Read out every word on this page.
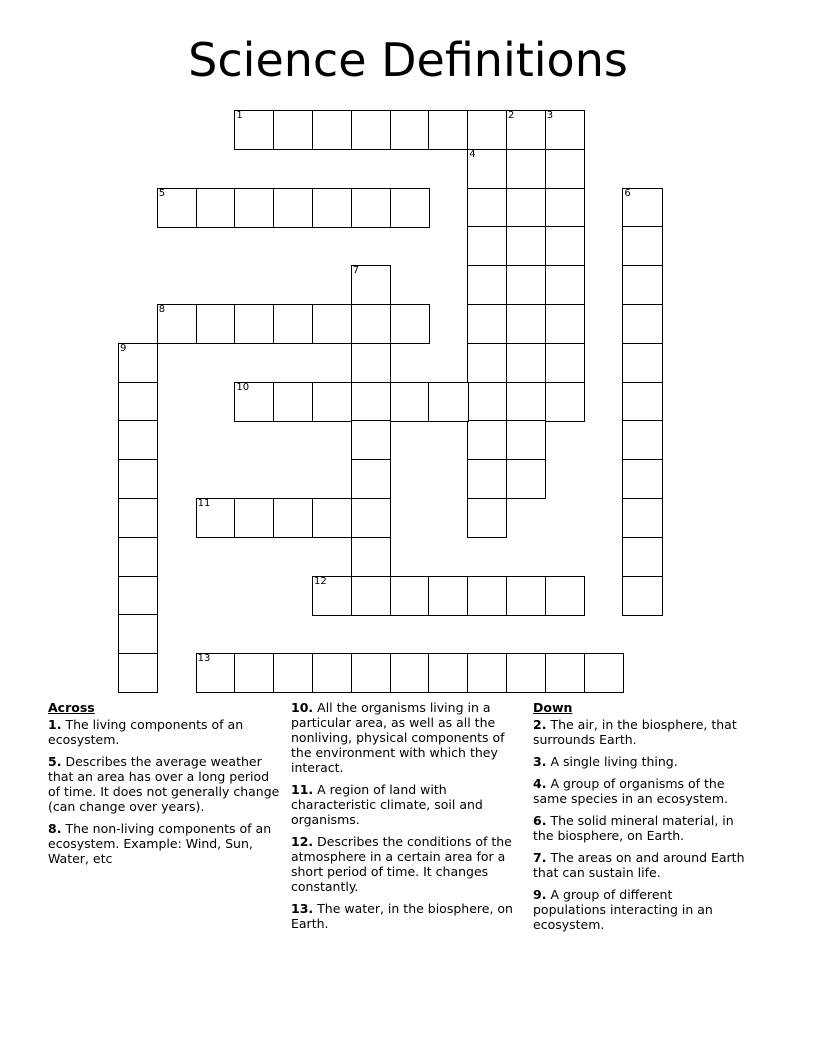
Science Definitions
1	2	3
4
5	6
7
8
9
10
11
12
13
Across
1. The living components of an ecosystem.
5. Describes the average weather that an area has over a long period of time. It does not generally change (can change over years).
8. The non-living components of an ecosystem. Example: Wind, Sun, Water, etc
10. All the organisms living in a particular area, as well as all the nonliving, physical components of the environment with which they interact.
11. A region of land with characteristic climate, soil and organisms.
12. Describes the conditions of the atmosphere in a certain area for a short period of time. It changes constantly.
13. The water, in the biosphere, on Earth.
Down
2. The air, in the biosphere, that surrounds Earth.
3. A single living thing.
4. A group of organisms of the same species in an ecosystem.
6. The solid mineral material, in the biosphere, on Earth.
7. The areas on and around Earth that can sustain life.
9. A group of different populations interacting in an ecosystem.
